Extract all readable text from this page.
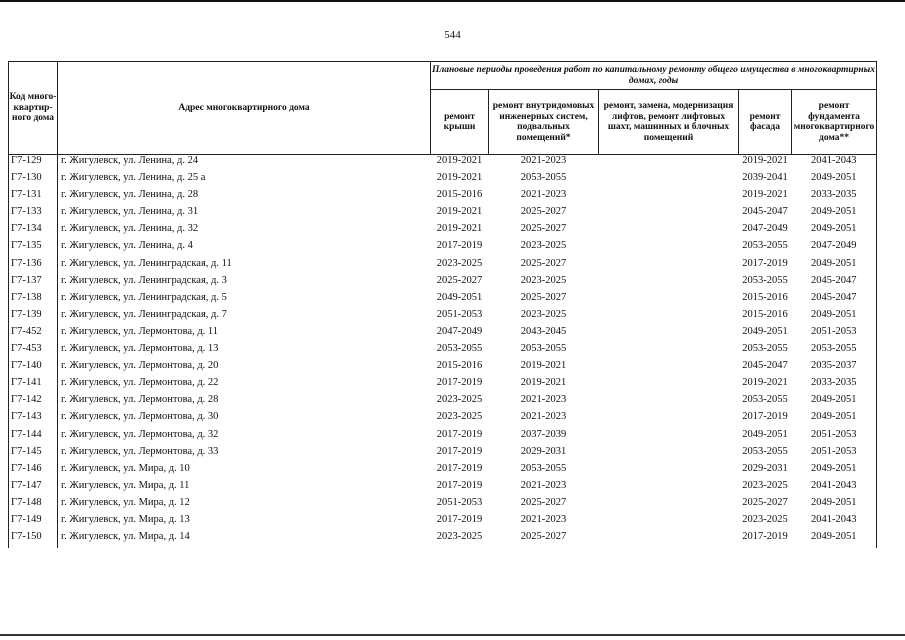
544
Код много-квартир-ного дома	Адрес многоквартирного дома	Плановые периоды проведения работ по капитальному ремонту общего имущества в многоквартирных домах, годы				
		ремонт крыши	ремонт внутридомовых инженерных систем, подвальных помещений*	ремонт, замена, модернизация лифтов, ремонт лифтовых шахт, машинных и блочных помещений	ремонт фасада	ремонт фундамента многоквартирного дома**
Г7-129	г. Жигулевск, ул. Ленина, д. 24	2019-2021	2021-2023		2019-2021	2041-2043
Г7-130	г. Жигулевск, ул. Ленина, д. 25 а	2019-2021	2053-2055		2039-2041	2049-2051
Г7-131	г. Жигулевск, ул. Ленина, д. 28	2015-2016	2021-2023		2019-2021	2033-2035
Г7-133	г. Жигулевск, ул. Ленина, д. 31	2019-2021	2025-2027		2045-2047	2049-2051
Г7-134	г. Жигулевск, ул. Ленина, д. 32	2019-2021	2025-2027		2047-2049	2049-2051
Г7-135	г. Жигулевск, ул. Ленина, д. 4	2017-2019	2023-2025		2053-2055	2047-2049
Г7-136	г. Жигулевск, ул. Ленинградская, д. 11	2023-2025	2025-2027		2017-2019	2049-2051
Г7-137	г. Жигулевск, ул. Ленинградская, д. 3	2025-2027	2023-2025		2053-2055	2045-2047
Г7-138	г. Жигулевск, ул. Ленинградская, д. 5	2049-2051	2025-2027		2015-2016	2045-2047
Г7-139	г. Жигулевск, ул. Ленинградская, д. 7	2051-2053	2023-2025		2015-2016	2049-2051
Г7-452	г. Жигулевск, ул. Лермонтова, д. 11	2047-2049	2043-2045		2049-2051	2051-2053
Г7-453	г. Жигулевск, ул. Лермонтова, д. 13	2053-2055	2053-2055		2053-2055	2053-2055
Г7-140	г. Жигулевск, ул. Лермонтова, д. 20	2015-2016	2019-2021		2045-2047	2035-2037
Г7-141	г. Жигулевск, ул. Лермонтова, д. 22	2017-2019	2019-2021		2019-2021	2033-2035
Г7-142	г. Жигулевск, ул. Лермонтова, д. 28	2023-2025	2021-2023		2053-2055	2049-2051
Г7-143	г. Жигулевск, ул. Лермонтова, д. 30	2023-2025	2021-2023		2017-2019	2049-2051
Г7-144	г. Жигулевск, ул. Лермонтова, д. 32	2017-2019	2037-2039		2049-2051	2051-2053
Г7-145	г. Жигулевск, ул. Лермонтова, д. 33	2017-2019	2029-2031		2053-2055	2051-2053
Г7-146	г. Жигулевск, ул. Мира, д. 10	2017-2019	2053-2055		2029-2031	2049-2051
Г7-147	г. Жигулевск, ул. Мира, д. 11	2017-2019	2021-2023		2023-2025	2041-2043
Г7-148	г. Жигулевск, ул. Мира, д. 12	2051-2053	2025-2027		2025-2027	2049-2051
Г7-149	г. Жигулевск, ул. Мира, д. 13	2017-2019	2021-2023		2023-2025	2041-2043
Г7-150	г. Жигулевск, ул. Мира, д. 14	2023-2025	2025-2027		2017-2019	2049-2051
